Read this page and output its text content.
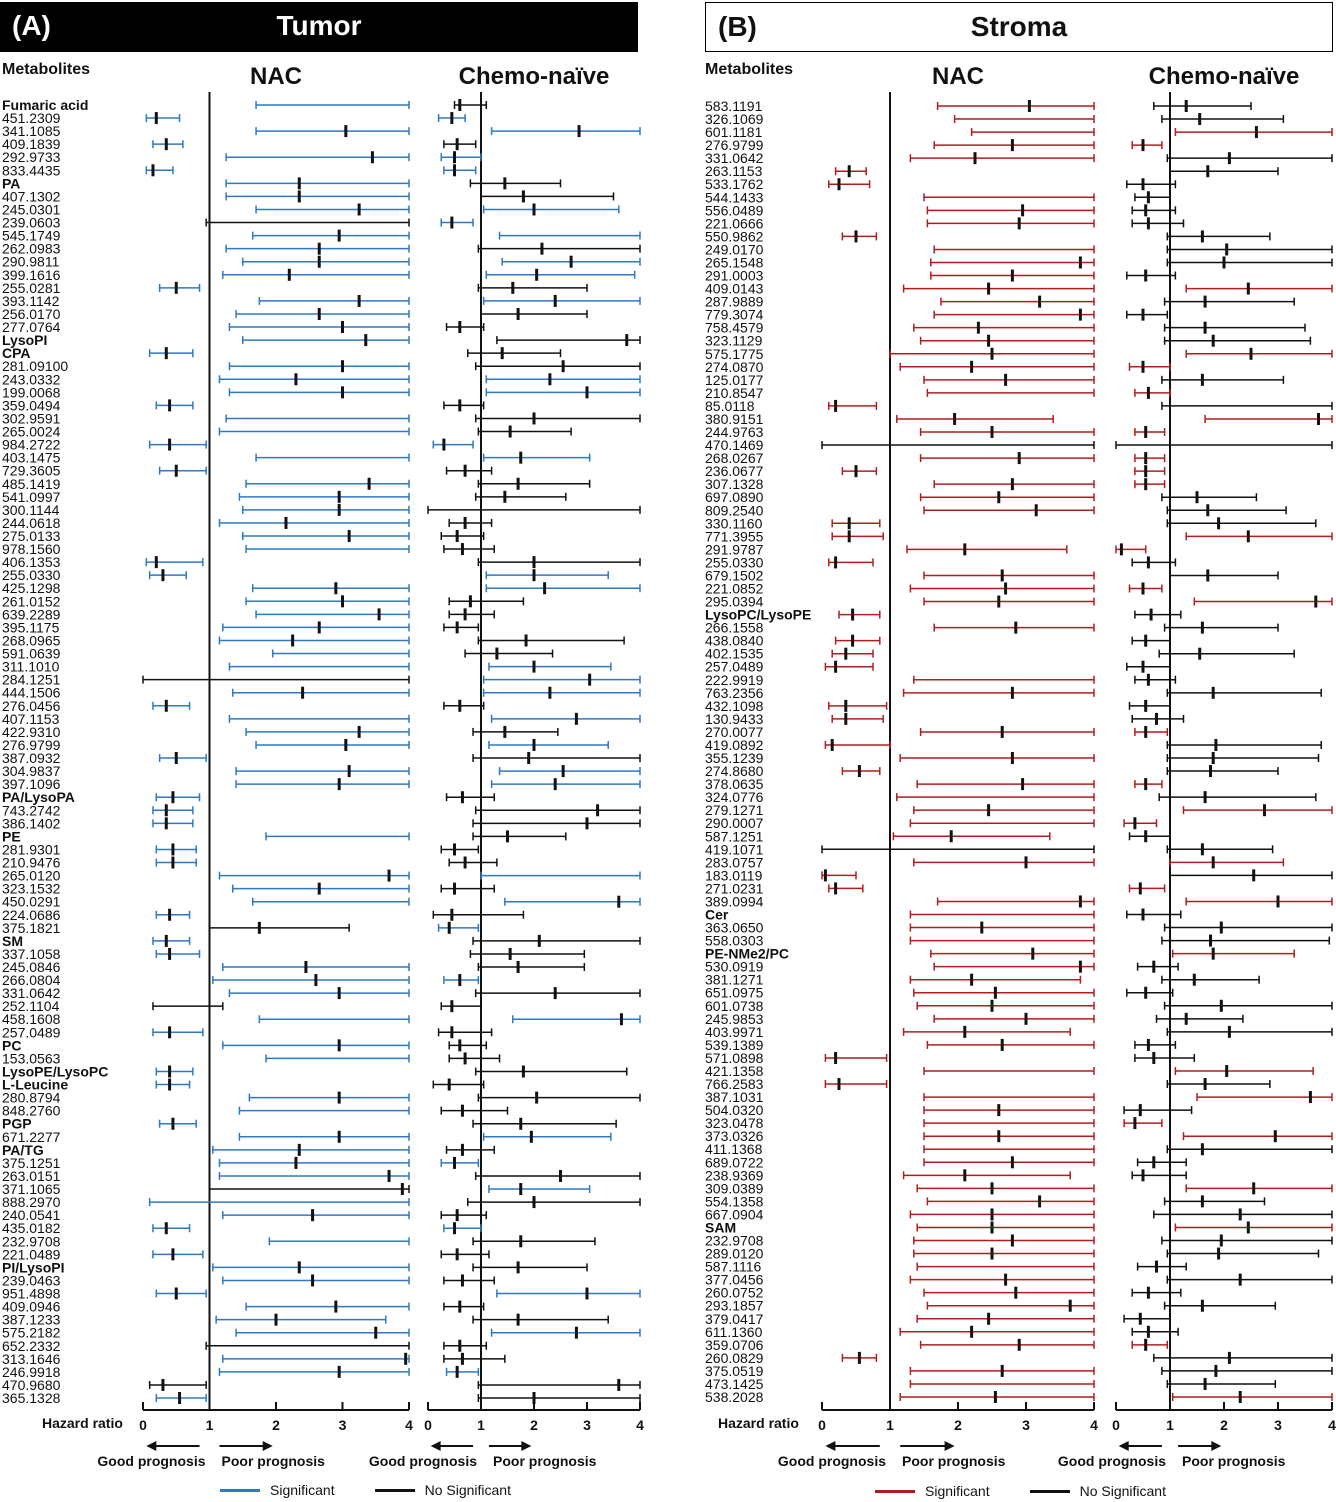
(A)	Tumor
Metabolites	NAC
0	1	2	3	4
Hazard ratio
Good prognosis Poor prognosis
Chemo-naïve
0	1	2	3	4
Good prognosis Poor prognosis
Fumaric acid
451.2309
341.1085
409.1839
292.9733
833.4435
PA
407.1302
245.0301
239.0603
545.1749
262.0983
290.9811
399.1616
255.0281
393.1142
256.0170
277.0764
LysoPI
CPA
281.09100
243.0332
199.0068
359.0494
302.9591
265.0024
984.2722
403.1475
729.3605
485.1419
541.0997
300.1144
244.0618
275.0133
978.1560
406.1353
255.0330
425.1298
261.0152
639.2289
395.1175
268.0965
591.0639
311.1010
284.1251
444.1506
276.0456
407.1153
422.9310
276.9799
387.0932
304.9837
397.1096
PA/LysoPA
743.2742
386.1402
PE
281.9301
210.9476
265.0120
323.1532
450.0291
224.0686
375.1821
SM
337.1058
245.0846
266.0804
331.0642
252.1104
458.1608
257.0489
PC
153.0563
LysoPE/LysoPC
L-Leucine
280.8794
848.2760
PGP
671.2277
PA/TG
375.1251
263.0151
371.1065
888.2970
240.0541
435.0182
232.9708
221.0489
PI/LysoPI
239.0463
951.4898
409.0946
387.1233
575.2182
652.2332
313.1646
246.9918
470.9680
365.1328
Significant	No Significant
(B)	Stroma
Metabolites	NAC
0	1	2	3	4
Hazard ratio
Good prognosis Poor prognosis
Chemo-naïve
0	1	2	3	4
Good prognosis Poor prognosis
583.1191
326.1069
601.1181
276.9799
331.0642
263.1153
533.1762
544.1433
556.0489
221.0666
550.9862
249.0170
265.1548
291.0003
409.0143
287.9889
779.3074
758.4579
323.1129
575.1775
274.0870
125.0177
210.8547
85.0118
380.9151
244.9763
470.1469
268.0267
236.0677
307.1328
697.0890
809.2540
330.1160
771.3955
291.9787
255.0330
679.1502
221.0852
295.0394
LysoPC/LysoPE
266.1558
438.0840
402.1535
257.0489
222.9919
763.2356
432.1098
130.9433
270.0077
419.0892
355.1239
274.8680
378.0635
324.0776
279.1271
290.0007
587.1251
419.1071
283.0757
183.0119
271.0231
389.0994
Cer
363.0650
558.0303
PE-NMe2/PC
530.0919
381.1271
651.0975
601.0738
245.9853
403.9971
539.1389
571.0898
421.1358
766.2583
387.1031
504.0320
323.0478
373.0326
411.1368
689.0722
238.9369
309.0389
554.1358
667.0904
SAM
232.9708
289.0120
587.1116
377.0456
260.0752
293.1857
379.0417
611.1360
359.0706
260.0829
375.0519
473.1425
538.2028
Significant	No Significant
